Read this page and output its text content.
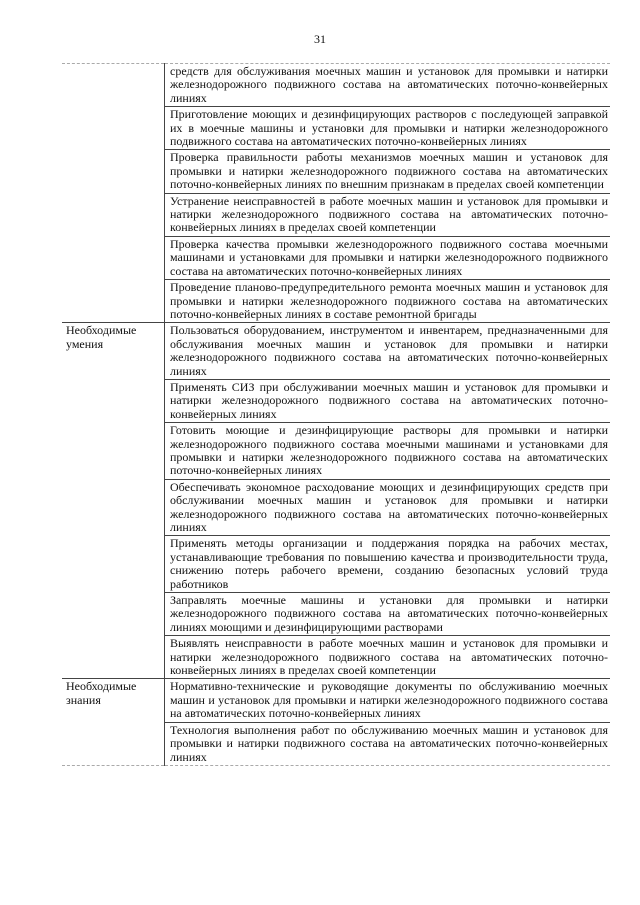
31
	средств для обслуживания моечных машин и установок для промывки и натирки железнодорожного подвижного состава на автоматических поточно-конвейерных линиях
	Приготовление моющих и дезинфицирующих растворов с последующей заправкой их в моечные машины и установки для промывки и натирки железнодорожного подвижного состава на автоматических поточно-конвейерных линиях
	Проверка правильности работы механизмов моечных машин и установок для промывки и натирки железнодорожного подвижного состава на автоматических поточно-конвейерных линиях по внешним признакам в пределах своей компетенции
	Устранение неисправностей в работе моечных машин и установок для промывки и натирки железнодорожного подвижного состава на автоматических поточно-конвейерных линиях в пределах своей компетенции
	Проверка качества промывки железнодорожного подвижного состава моечными машинами и установками для промывки и натирки железнодорожного подвижного состава на автоматических поточно-конвейерных линиях
	Проведение планово-предупредительного ремонта моечных машин и установок для промывки и натирки железнодорожного подвижного состава на автоматических поточно-конвейерных линиях в составе ремонтной бригады
Необходимые умения	Пользоваться оборудованием, инструментом и инвентарем, предназначенными для обслуживания моечных машин и установок для промывки и натирки железнодорожного подвижного состава на автоматических поточно-конвейерных линиях
	Применять СИЗ при обслуживании моечных машин и установок для промывки и натирки железнодорожного подвижного состава на автоматических поточно-конвейерных линиях
	Готовить моющие и дезинфицирующие растворы для промывки и натирки железнодорожного подвижного состава моечными машинами и установками для промывки и натирки железнодорожного подвижного состава на автоматических поточно-конвейерных линиях
	Обеспечивать экономное расходование моющих и дезинфицирующих средств при обслуживании моечных машин и установок для промывки и натирки железнодорожного подвижного состава на автоматических поточно-конвейерных линиях
	Применять методы организации и поддержания порядка на рабочих местах, устанавливающие требования по повышению качества и производительности труда, снижению потерь рабочего времени, созданию безопасных условий труда работников
	Заправлять моечные машины и установки для промывки и натирки железнодорожного подвижного состава на автоматических поточно-конвейерных линиях моющими и дезинфицирующими растворами
	Выявлять неисправности в работе моечных машин и установок для промывки и натирки железнодорожного подвижного состава на автоматических поточно-конвейерных линиях в пределах своей компетенции
Необходимые знания	Нормативно-технические и руководящие документы по обслуживанию моечных машин и установок для промывки и натирки железнодорожного подвижного состава на автоматических поточно-конвейерных линиях
	Технология выполнения работ по обслуживанию моечных машин и установок для промывки и натирки подвижного состава на автоматических поточно-конвейерных линиях
